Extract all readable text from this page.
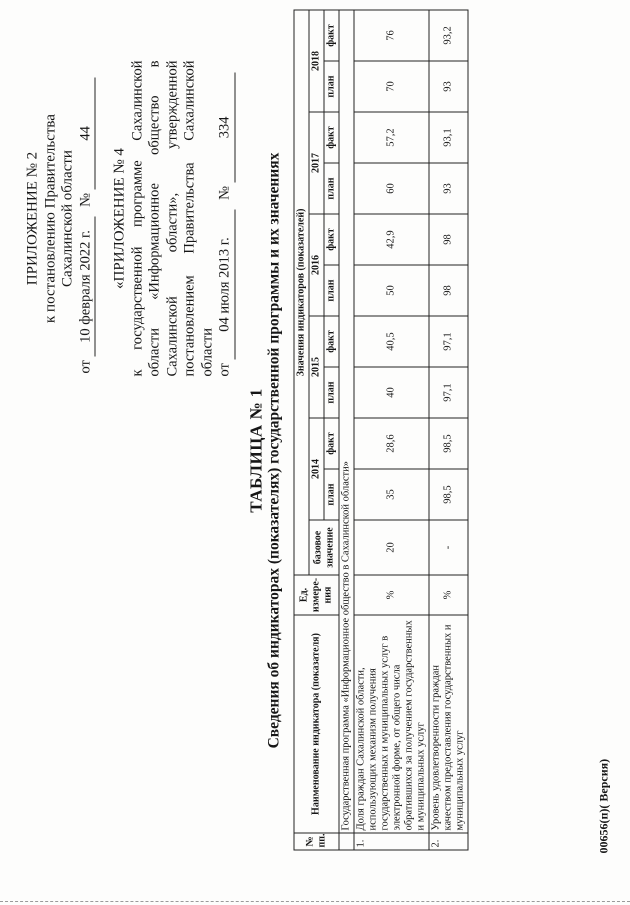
ПРИЛОЖЕНИЕ № 2 к постановлению Правительства Сахалинской области
от 10 февраля 2022 г. № 44
«ПРИЛОЖЕНИЕ № 4 к государственной программе Сахалинской области «Информационное общество в Сахалинской области», утвержденной постановлением Правительства Сахалинской области от 04 июля 2013 г. № 334
ТАБЛИЦА № 1 Сведения об индикаторах (показателях) государственной программы и их значениях
№ пп.	Наименование индикатора (показателя)	Ед. измере-ния	Значения индикаторов (показателей)										
			базовое значение	2014		2015		2016		2017		2018	
				план	факт	план	факт	план	факт	план	факт	план	факт
	Государственная программа «Информационное общество в Сахалинской области»												
1.	Доля граждан Сахалинской области, использующих механизм получения государственных и муниципальных услуг в электронной форме, от общего числа обратившихся за получением государственных и муниципальных услуг	%	20	35	28,6	40	40,5	50	42,9	60	57,2	70	76
2.	Уровень удовлетворенности граждан качеством предоставления государственных и муниципальных услуг	%	-	98,5	98,5	97,1	97,1	98	98	93	93,1	93	93,2
00656(п)( Версия)
